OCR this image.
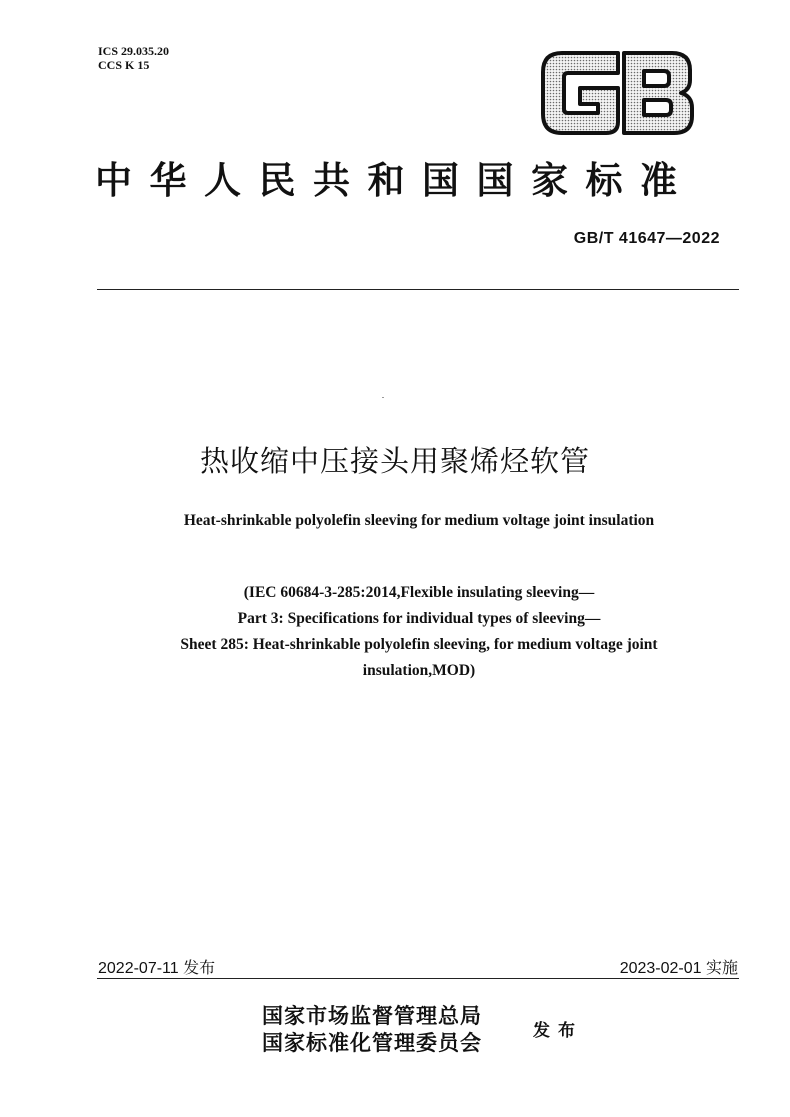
ICS 29.035.20
CCS K 15
GB
中华人民共和国国家标准
GB/T 41647—2022
热收缩中压接头用聚烯烃软管
Heat-shrinkable polyolefin sleeving for medium voltage joint insulation
(IEC 60684-3-285:2014,Flexible insulating sleeving—
Part 3: Specifications for individual types of sleeving—
Sheet 285: Heat-shrinkable polyolefin sleeving, for medium voltage joint
insulation,MOD)
2022-07-11 发布	2023-02-01 实施
国家市场监督管理总局
国家标准化管理委员会	发布
